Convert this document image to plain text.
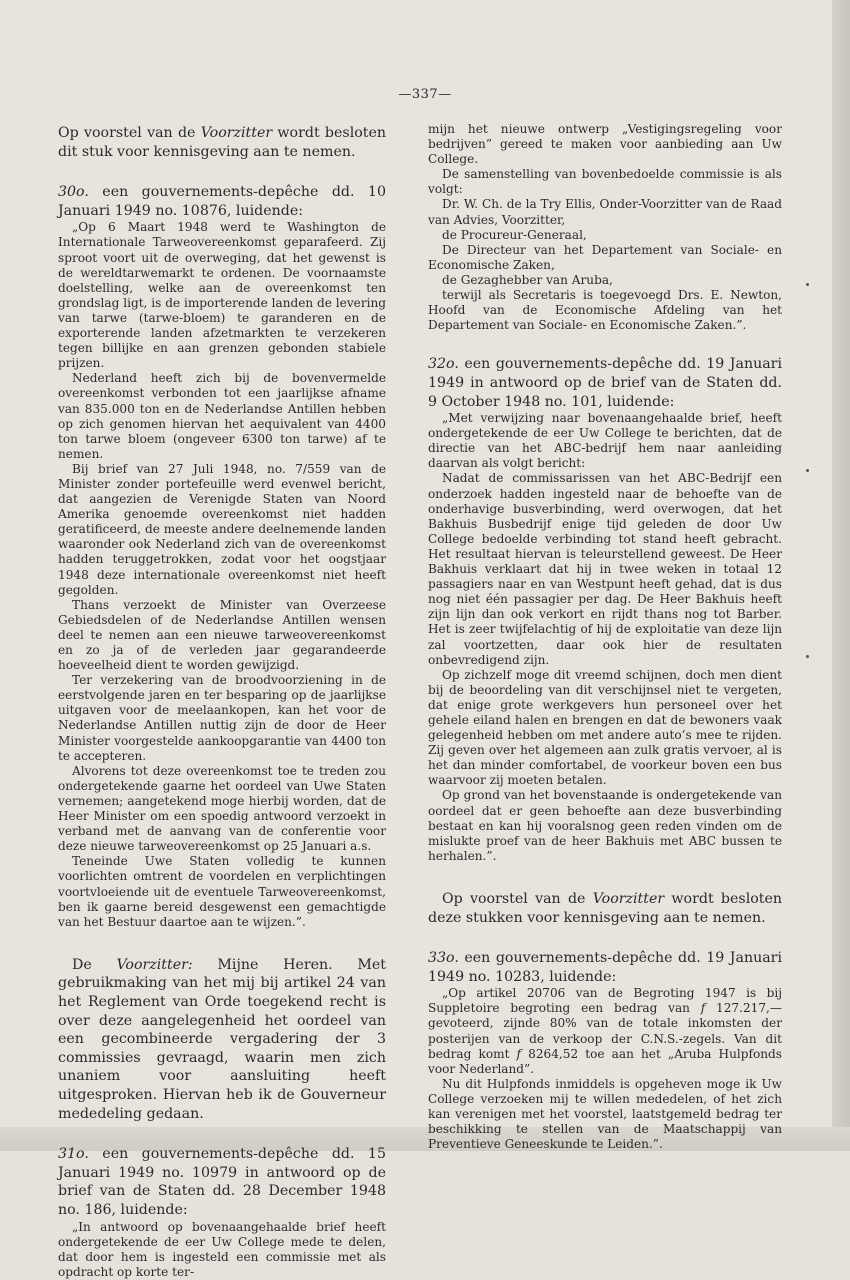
—337—

Op voorstel van de Voorzitter wordt besloten dit stuk voor kennisgeving aan te nemen.

30o. een gouvernements-depêche dd. 10 Januari 1949 no. 10876, luidende:

„Op 6 Maart 1948 werd te Washington de Internationale Tarweovereenkomst geparafeerd. Zij sproot voort uit de overweging, dat het gewenst is de wereldtarwemarkt te ordenen. De voornaamste doelstelling, welke aan de overeenkomst ten grondslag ligt, is de importerende landen de levering van tarwe (tarwe-bloem) te garanderen en de exporterende landen afzetmarkten te verzekeren tegen billijke en aan grenzen gebonden stabiele prijzen.

Nederland heeft zich bij de bovenvermelde overeenkomst verbonden tot een jaarlijkse afname van 835.000 ton en de Nederlandse Antillen hebben op zich genomen hiervan het aequivalent van 4400 ton tarwe bloem (ongeveer 6300 ton tarwe) af te nemen.

Bij brief van 27 Juli 1948, no. 7/559 van de Minister zonder portefeuille werd evenwel bericht, dat aangezien de Verenigde Staten van Noord Amerika genoemde overeenkomst niet hadden geratificeerd, de meeste andere deelnemende landen waaronder ook Nederland zich van de overeenkomst hadden teruggetrokken, zodat voor het oogstjaar 1948 deze internationale overeenkomst niet heeft gegolden.

Thans verzoekt de Minister van Overzeese Gebiedsdelen of de Nederlandse Antillen wensen deel te nemen aan een nieuwe tarweovereenkomst en zo ja of de verleden jaar gegarandeerde hoeveelheid dient te worden gewijzigd.

Ter verzekering van de broodvoorziening in de eerstvolgende jaren en ter besparing op de jaarlijkse uitgaven voor de meelaankopen, kan het voor de Nederlandse Antillen nuttig zijn de door de Heer Minister voorgestelde aankoopgarantie van 4400 ton te accepteren.

Alvorens tot deze overeenkomst toe te treden zou ondergetekende gaarne het oordeel van Uwe Staten vernemen; aangetekend moge hierbij worden, dat de Heer Minister om een spoedig antwoord verzoekt in verband met de aanvang van de conferentie voor deze nieuwe tarweovereenkomst op 25 Januari a.s.

Teneinde Uwe Staten volledig te kunnen voorlichten omtrent de voordelen en verplichtingen voortvloeiende uit de eventuele Tarweovereenkomst, ben ik gaarne bereid desgewenst een gemachtigde van het Bestuur daartoe aan te wijzen.”.

De Voorzitter: Mijne Heren. Met gebruikmaking van het mij bij artikel 24 van het Reglement van Orde toegekend recht is over deze aangelegenheid het oordeel van een gecombineerde vergadering der 3 commissies gevraagd, waarin men zich unaniem voor aansluiting heeft uitgesproken. Hiervan heb ik de Gouverneur mededeling gedaan.

31o. een gouvernements-depêche dd. 15 Januari 1949 no. 10979 in antwoord op de brief van de Staten dd. 28 December 1948 no. 186, luidende:

„In antwoord op bovenaangehaalde brief heeft ondergetekende de eer Uw College mede te delen, dat door hem is ingesteld een commissie met als opdracht op korte ter-

mijn het nieuwe ontwerp „Vestigingsregeling voor bedrijven” gereed te maken voor aanbieding aan Uw College.

De samenstelling van bovenbedoelde commissie is als volgt:

Dr. W. Ch. de la Try Ellis, Onder-Voorzitter van de Raad van Advies, Voorzitter,

de Procureur-Generaal,

De Directeur van het Departement van Sociale- en Economische Zaken,

de Gezaghebber van Aruba,

terwijl als Secretaris is toegevoegd Drs. E. Newton, Hoofd van de Economische Afdeling van het Departement van Sociale- en Economische Zaken.”.

32o. een gouvernements-depêche dd. 19 Januari 1949 in antwoord op de brief van de Staten dd. 9 October 1948 no. 101, luidende:

„Met verwijzing naar bovenaangehaalde brief, heeft ondergetekende de eer Uw College te berichten, dat de directie van het ABC-bedrijf hem naar aanleiding daarvan als volgt bericht:

Nadat de commissarissen van het ABC-Bedrijf een onderzoek hadden ingesteld naar de behoefte van de onderhavige busverbinding, werd overwogen, dat het Bakhuis Busbedrijf enige tijd geleden de door Uw College bedoelde verbinding tot stand heeft gebracht. Het resultaat hiervan is teleurstellend geweest. De Heer Bakhuis verklaart dat hij in twee weken in totaal 12 passagiers naar en van Westpunt heeft gehad, dat is dus nog niet één passagier per dag. De Heer Bakhuis heeft zijn lijn dan ook verkort en rijdt thans nog tot Barber. Het is zeer twijfelachtig of hij de exploitatie van deze lijn zal voortzetten, daar ook hier de resultaten onbevredigend zijn.

Op zichzelf moge dit vreemd schijnen, doch men dient bij de beoordeling van dit verschijnsel niet te vergeten, dat enige grote werkgevers hun personeel over het gehele eiland halen en brengen en dat de bewoners vaak gelegenheid hebben om met andere auto’s mee te rijden. Zij geven over het algemeen aan zulk gratis vervoer, al is het dan minder comfortabel, de voorkeur boven een bus waarvoor zij moeten betalen.

Op grond van het bovenstaande is ondergetekende van oordeel dat er geen behoefte aan deze busverbinding bestaat en kan hij vooralsnog geen reden vinden om de mislukte proef van de heer Bakhuis met ABC bussen te herhalen.”.

Op voorstel van de Voorzitter wordt besloten deze stukken voor kennisgeving aan te nemen.

33o. een gouvernements-depêche dd. 19 Januari 1949 no. 10283, luidende:

„Op artikel 20706 van de Begroting 1947 is bij Suppletoire begroting een bedrag van f 127.217,— gevoteerd, zijnde 80% van de totale inkomsten der posterijen van de verkoop der C.N.S.-zegels. Van dit bedrag komt f 8264,52 toe aan het „Aruba Hulpfonds voor Nederland”.

Nu dit Hulpfonds inmiddels is opgeheven moge ik Uw College verzoeken mij te willen mededelen, of het zich kan verenigen met het voorstel, laatstgemeld bedrag ter beschikking te stellen van de Maatschappij van Preventieve Geneeskunde te Leiden.”.
